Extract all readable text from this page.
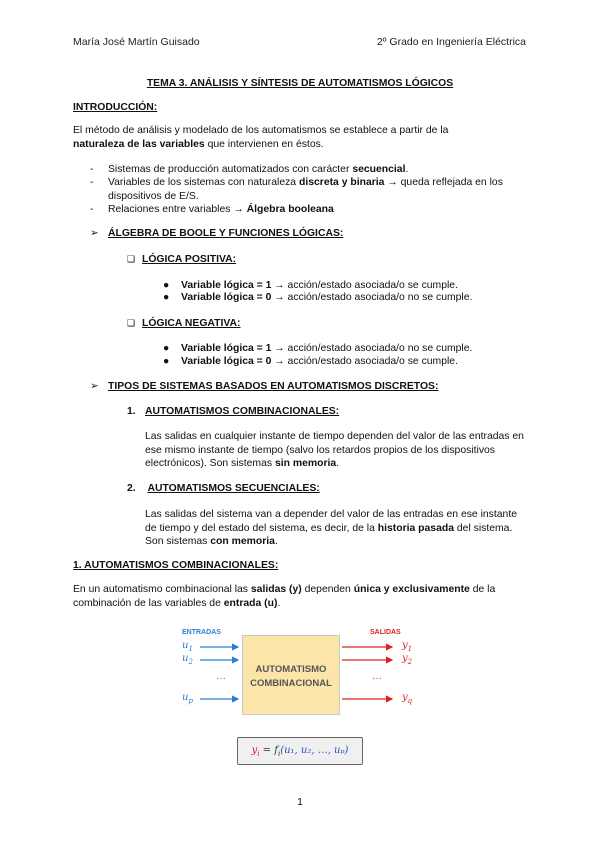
María José Martín Guisado	2º Grado en Ingeniería Eléctrica
TEMA 3. ANÁLISIS Y SÍNTESIS DE AUTOMATISMOS LÓGICOS
INTRODUCCIÓN:
El método de análisis y modelado de los automatismos se establece a partir de la
naturaleza de las variables que intervienen en éstos.
- Sistemas de producción automatizados con carácter secuencial.
- Variables de los sistemas con naturaleza discreta y binaria → queda reflejada en los dispositivos de E/S.
- Relaciones entre variables → Álgebra booleana
➢ ÁLGEBRA DE BOOLE Y FUNCIONES LÓGICAS:
❑ LÓGICA POSITIVA:
● Variable lógica = 1 → acción/estado asociada/o se cumple.
● Variable lógica = 0 → acción/estado asociada/o no se cumple.
❑ LÓGICA NEGATIVA:
● Variable lógica = 1 → acción/estado asociada/o no se cumple.
● Variable lógica = 0 → acción/estado asociada/o se cumple.
➢ TIPOS DE SISTEMAS BASADOS EN AUTOMATISMOS DISCRETOS:
1. AUTOMATISMOS COMBINACIONALES:
Las salidas en cualquier instante de tiempo dependen del valor de las entradas en ese mismo instante de tiempo (salvo los retardos propios de los dispositivos electrónicos). Son sistemas sin memoria.
2. AUTOMATISMOS SECUENCIALES:
Las salidas del sistema van a depender del valor de las entradas en ese instante de tiempo y del estado del sistema, es decir, de la historia pasada del sistema. Son sistemas con memoria.
1. AUTOMATISMOS COMBINACIONALES:
En un automatismo combinacional las salidas (y) dependen única y exclusivamente de la combinación de las variables de entrada (u).
ENTRADAS	SALIDAS
$u_1$
$u_2$
···
$u_p$
AUTOMATISMO
COMBINACIONAL
$y_1$
$y_2$
···
$y_q$
$y_i = f_i(u_1$, u₂, …, uₚ)
1
